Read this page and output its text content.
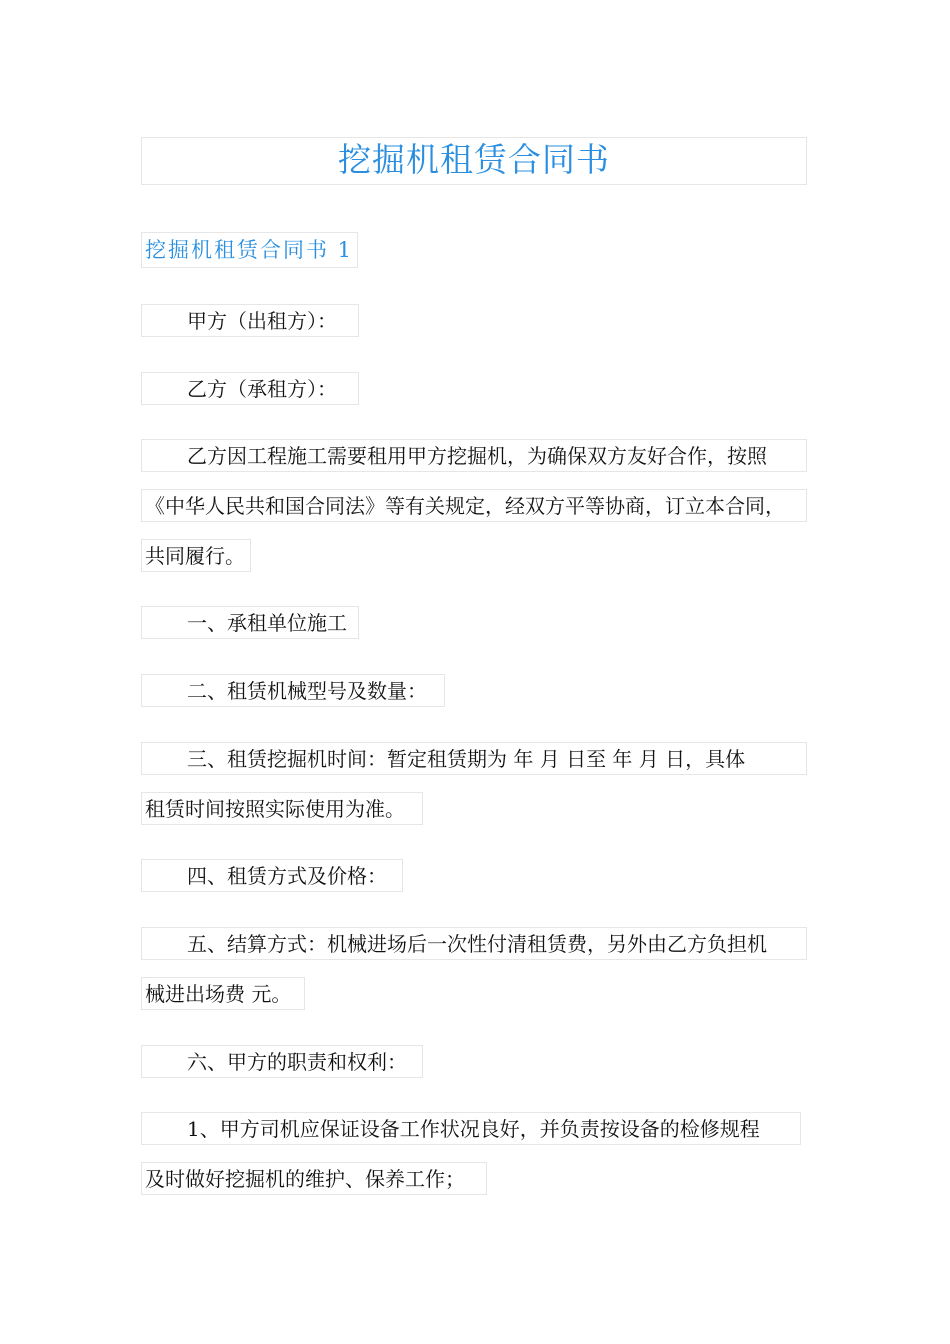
挖掘机租赁合同书
挖掘机租赁合同书 1
甲方（出租方）：
乙方（承租方）：
乙方因工程施工需要租用甲方挖掘机，为确保双方友好合作，按照
《中华人民共和国合同法》等有关规定，经双方平等协商，订立本合同，
共同履行。
一、承租单位施工
二、租赁机械型号及数量：
三、租赁挖掘机时间：暂定租赁期为 年 月 日至 年 月 日，具体
租赁时间按照实际使用为准。
四、租赁方式及价格：
五、结算方式：机械进场后一次性付清租赁费，另外由乙方负担机
械进出场费 元。
六、甲方的职责和权利：
1、甲方司机应保证设备工作状况良好，并负责按设备的检修规程
及时做好挖掘机的维护、保养工作；
